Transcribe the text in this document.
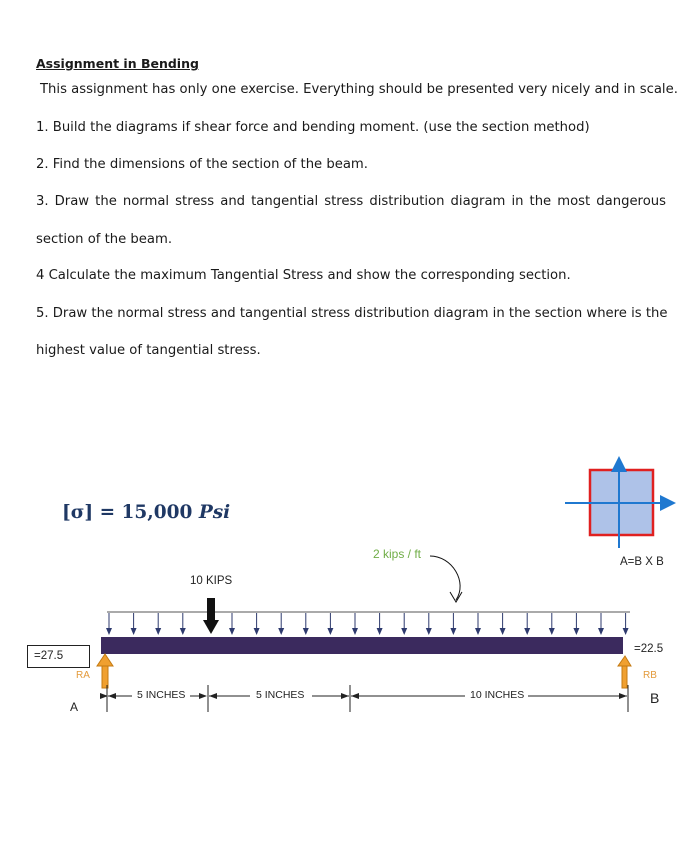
Assignment in Bending
This assignment has only one exercise. Everything should be presented very nicely and in scale.
1. Build the diagrams if shear force and bending moment. (use the section method)
2. Find the dimensions of the section of the beam.
3. Draw the normal stress and tangential stress distribution diagram in the most dangerous
section of the beam.
4 Calculate the maximum Tangential Stress and show the corresponding section.
5. Draw the normal stress and tangential stress distribution diagram in the section where is the
highest value of tangential stress.
[σ] = 15,000 Psi
2 kips / ft
10 KIPS
A=B X B
=27.5
=22.5
RA	RB
A
B
5 INCHES	5 INCHES	10 INCHES
